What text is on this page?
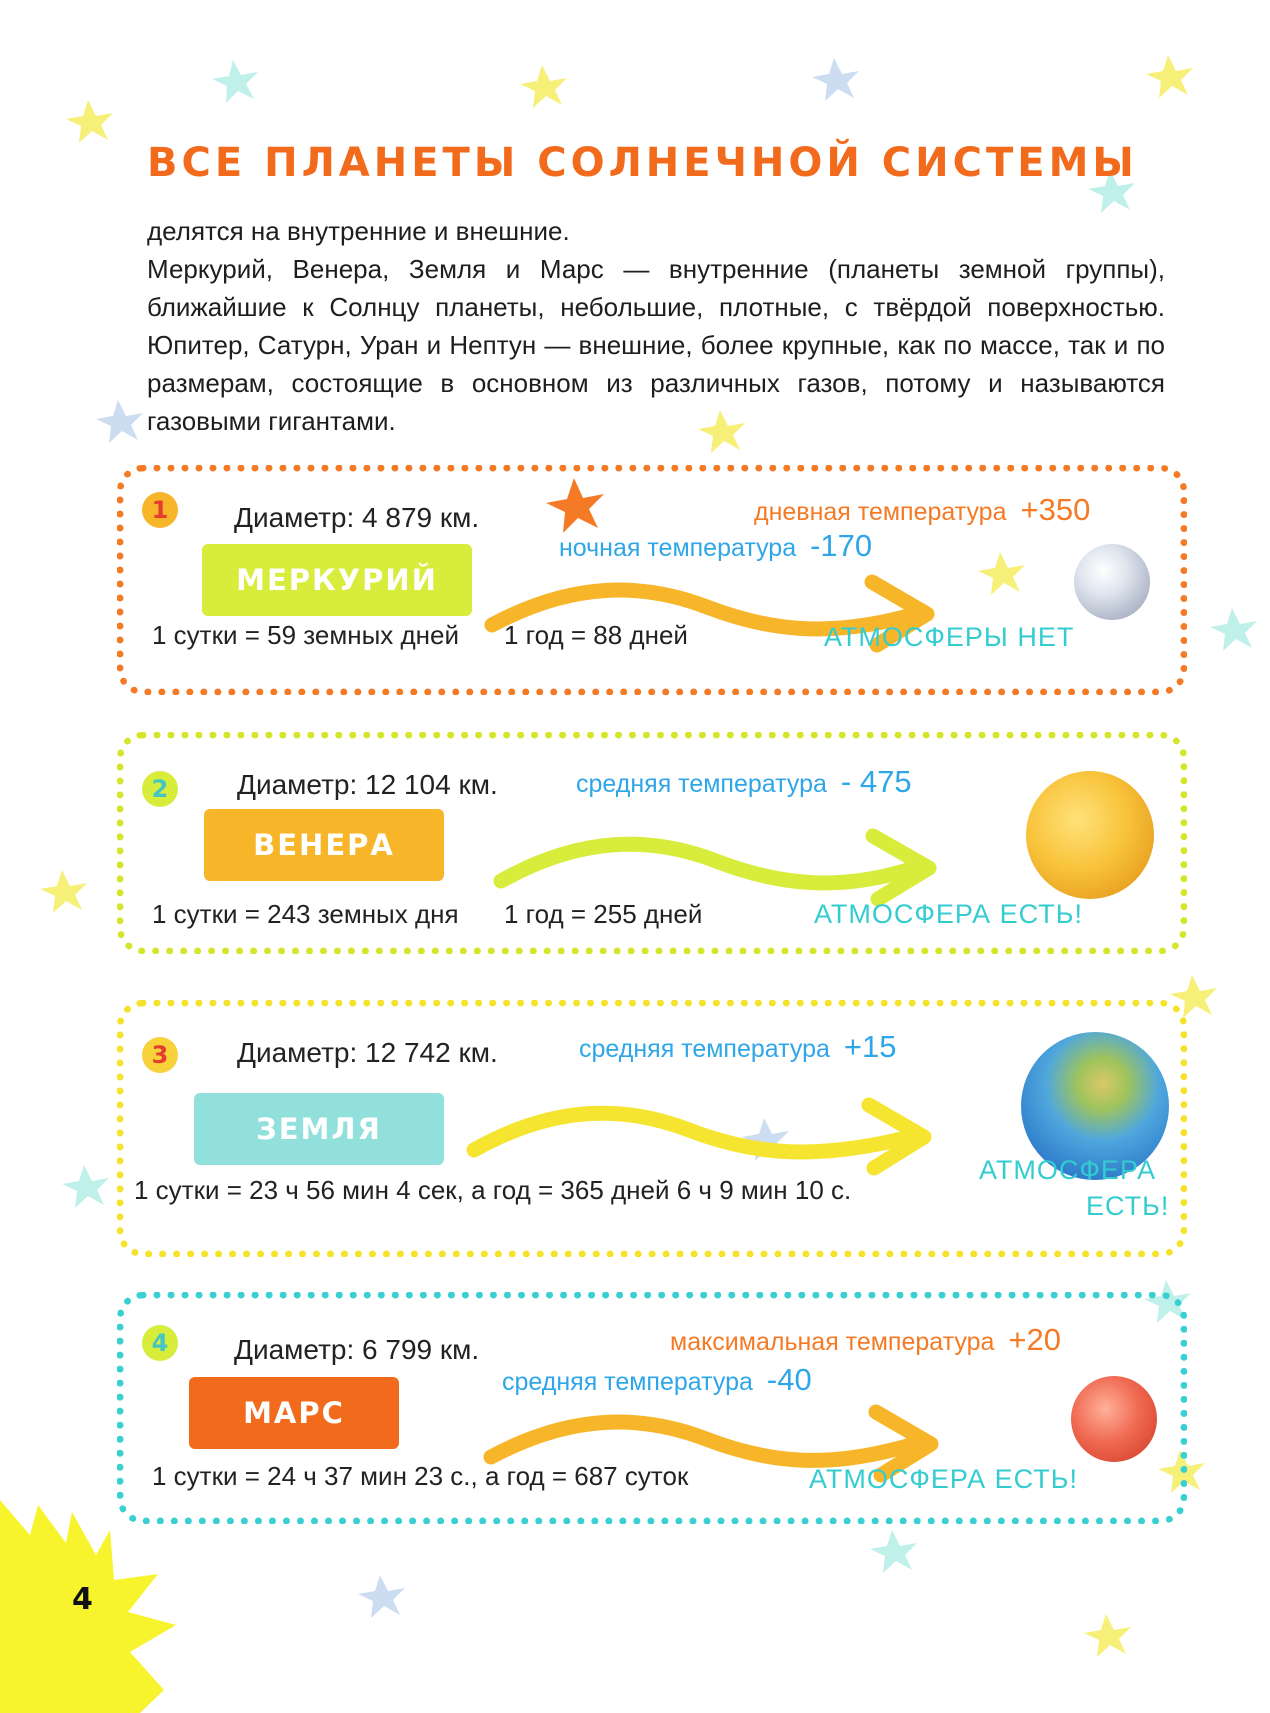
ВСЕ ПЛАНЕТЫ СОЛНЕЧНОЙ СИСТЕМЫ

делятся на внутренние и внешние.

Меркурий, Венера, Земля и Марс — внутренние (планеты земной группы), ближайшие к Солнцу планеты, небольшие, плотные, с твёрдой поверхностью. Юпитер, Сатурн, Уран и Нептун — внешние, более крупные, как по массе, так и по размерам, состоящие в основном из различных газов, потому и называются газовыми гигантами.

1	Диаметр: 4 879 км.
МЕРКУРИЙ
дневная температура +350
ночная температура -170
1 сутки = 59 земных дней 1 год = 88 дней	АТМОСФЕРЫ НЕТ
2	Диаметр: 12 104 км.
ВЕНЕРА
средняя температура - 475
1 сутки = 243 земных дня 1 год = 255 дней	АТМОСФЕРА ЕСТЬ!
3	Диаметр: 12 742 км.
ЗЕМЛЯ
средняя температура +15
1 сутки = 23 ч 56 мин 4 сек, а год = 365 дней 6 ч 9 мин 10 с.
АТМОСФЕРА
ЕСТЬ!
4	Диаметр: 6 799 км.
МАРС
максимальная температура +20
средняя температура -40
1 сутки = 24 ч 37 мин 23 с., а год = 687 суток	АТМОСФЕРА ЕСТЬ!
4
